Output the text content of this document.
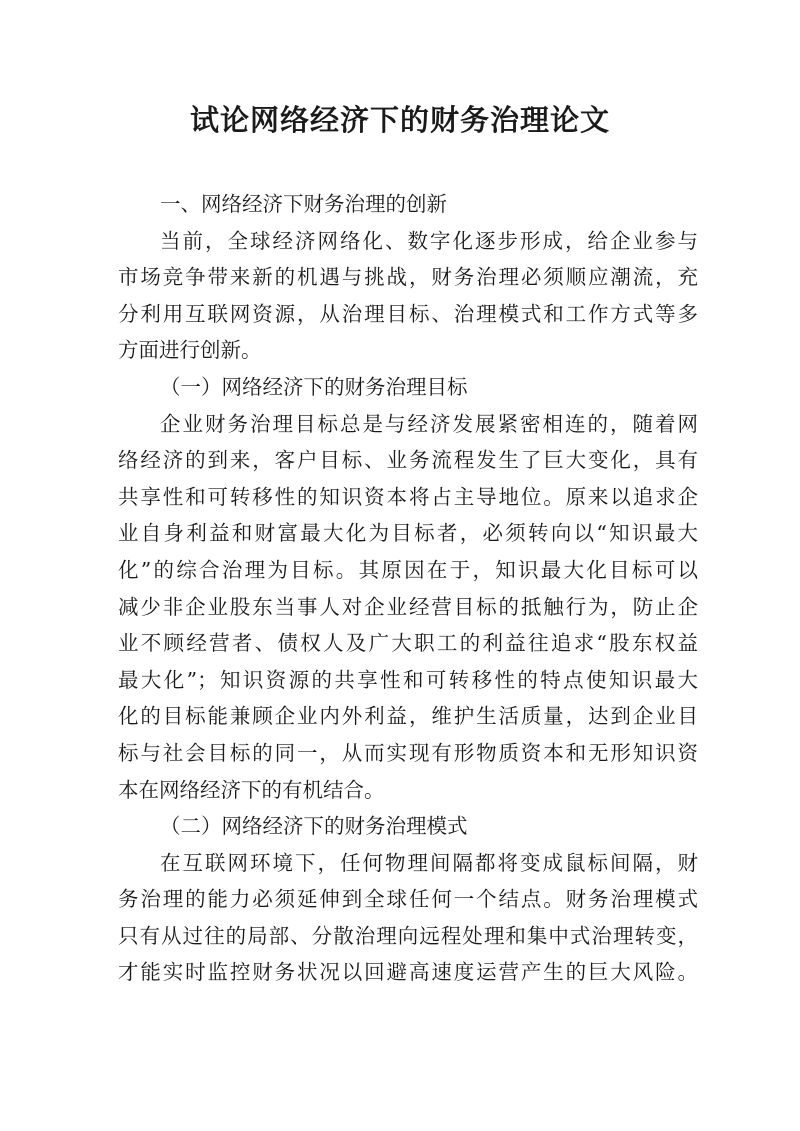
试论网络经济下的财务治理论文
一、网络经济下财务治理的创新
当前，全球经济网络化、数字化逐步形成，给企业参与
市场竞争带来新的机遇与挑战，财务治理必须顺应潮流，充
分利用互联网资源，从治理目标、治理模式和工作方式等多
方面进行创新。
（一）网络经济下的财务治理目标
企业财务治理目标总是与经济发展紧密相连的，随着网
络经济的到来，客户目标、业务流程发生了巨大变化，具有
共享性和可转移性的知识资本将占主导地位。原来以追求企
业自身利益和财富最大化为目标者，必须转向以“知识最大
化”的综合治理为目标。其原因在于，知识最大化目标可以
减少非企业股东当事人对企业经营目标的抵触行为，防止企
业不顾经营者、债权人及广大职工的利益往追求“股东权益
最大化”；知识资源的共享性和可转移性的特点使知识最大
化的目标能兼顾企业内外利益，维护生活质量，达到企业目
标与社会目标的同一，从而实现有形物质资本和无形知识资
本在网络经济下的有机结合。
（二）网络经济下的财务治理模式
在互联网环境下，任何物理间隔都将变成鼠标间隔，财
务治理的能力必须延伸到全球任何一个结点。财务治理模式
只有从过往的局部、分散治理向远程处理和集中式治理转变，
才能实时监控财务状况以回避高速度运营产生的巨大风险。
